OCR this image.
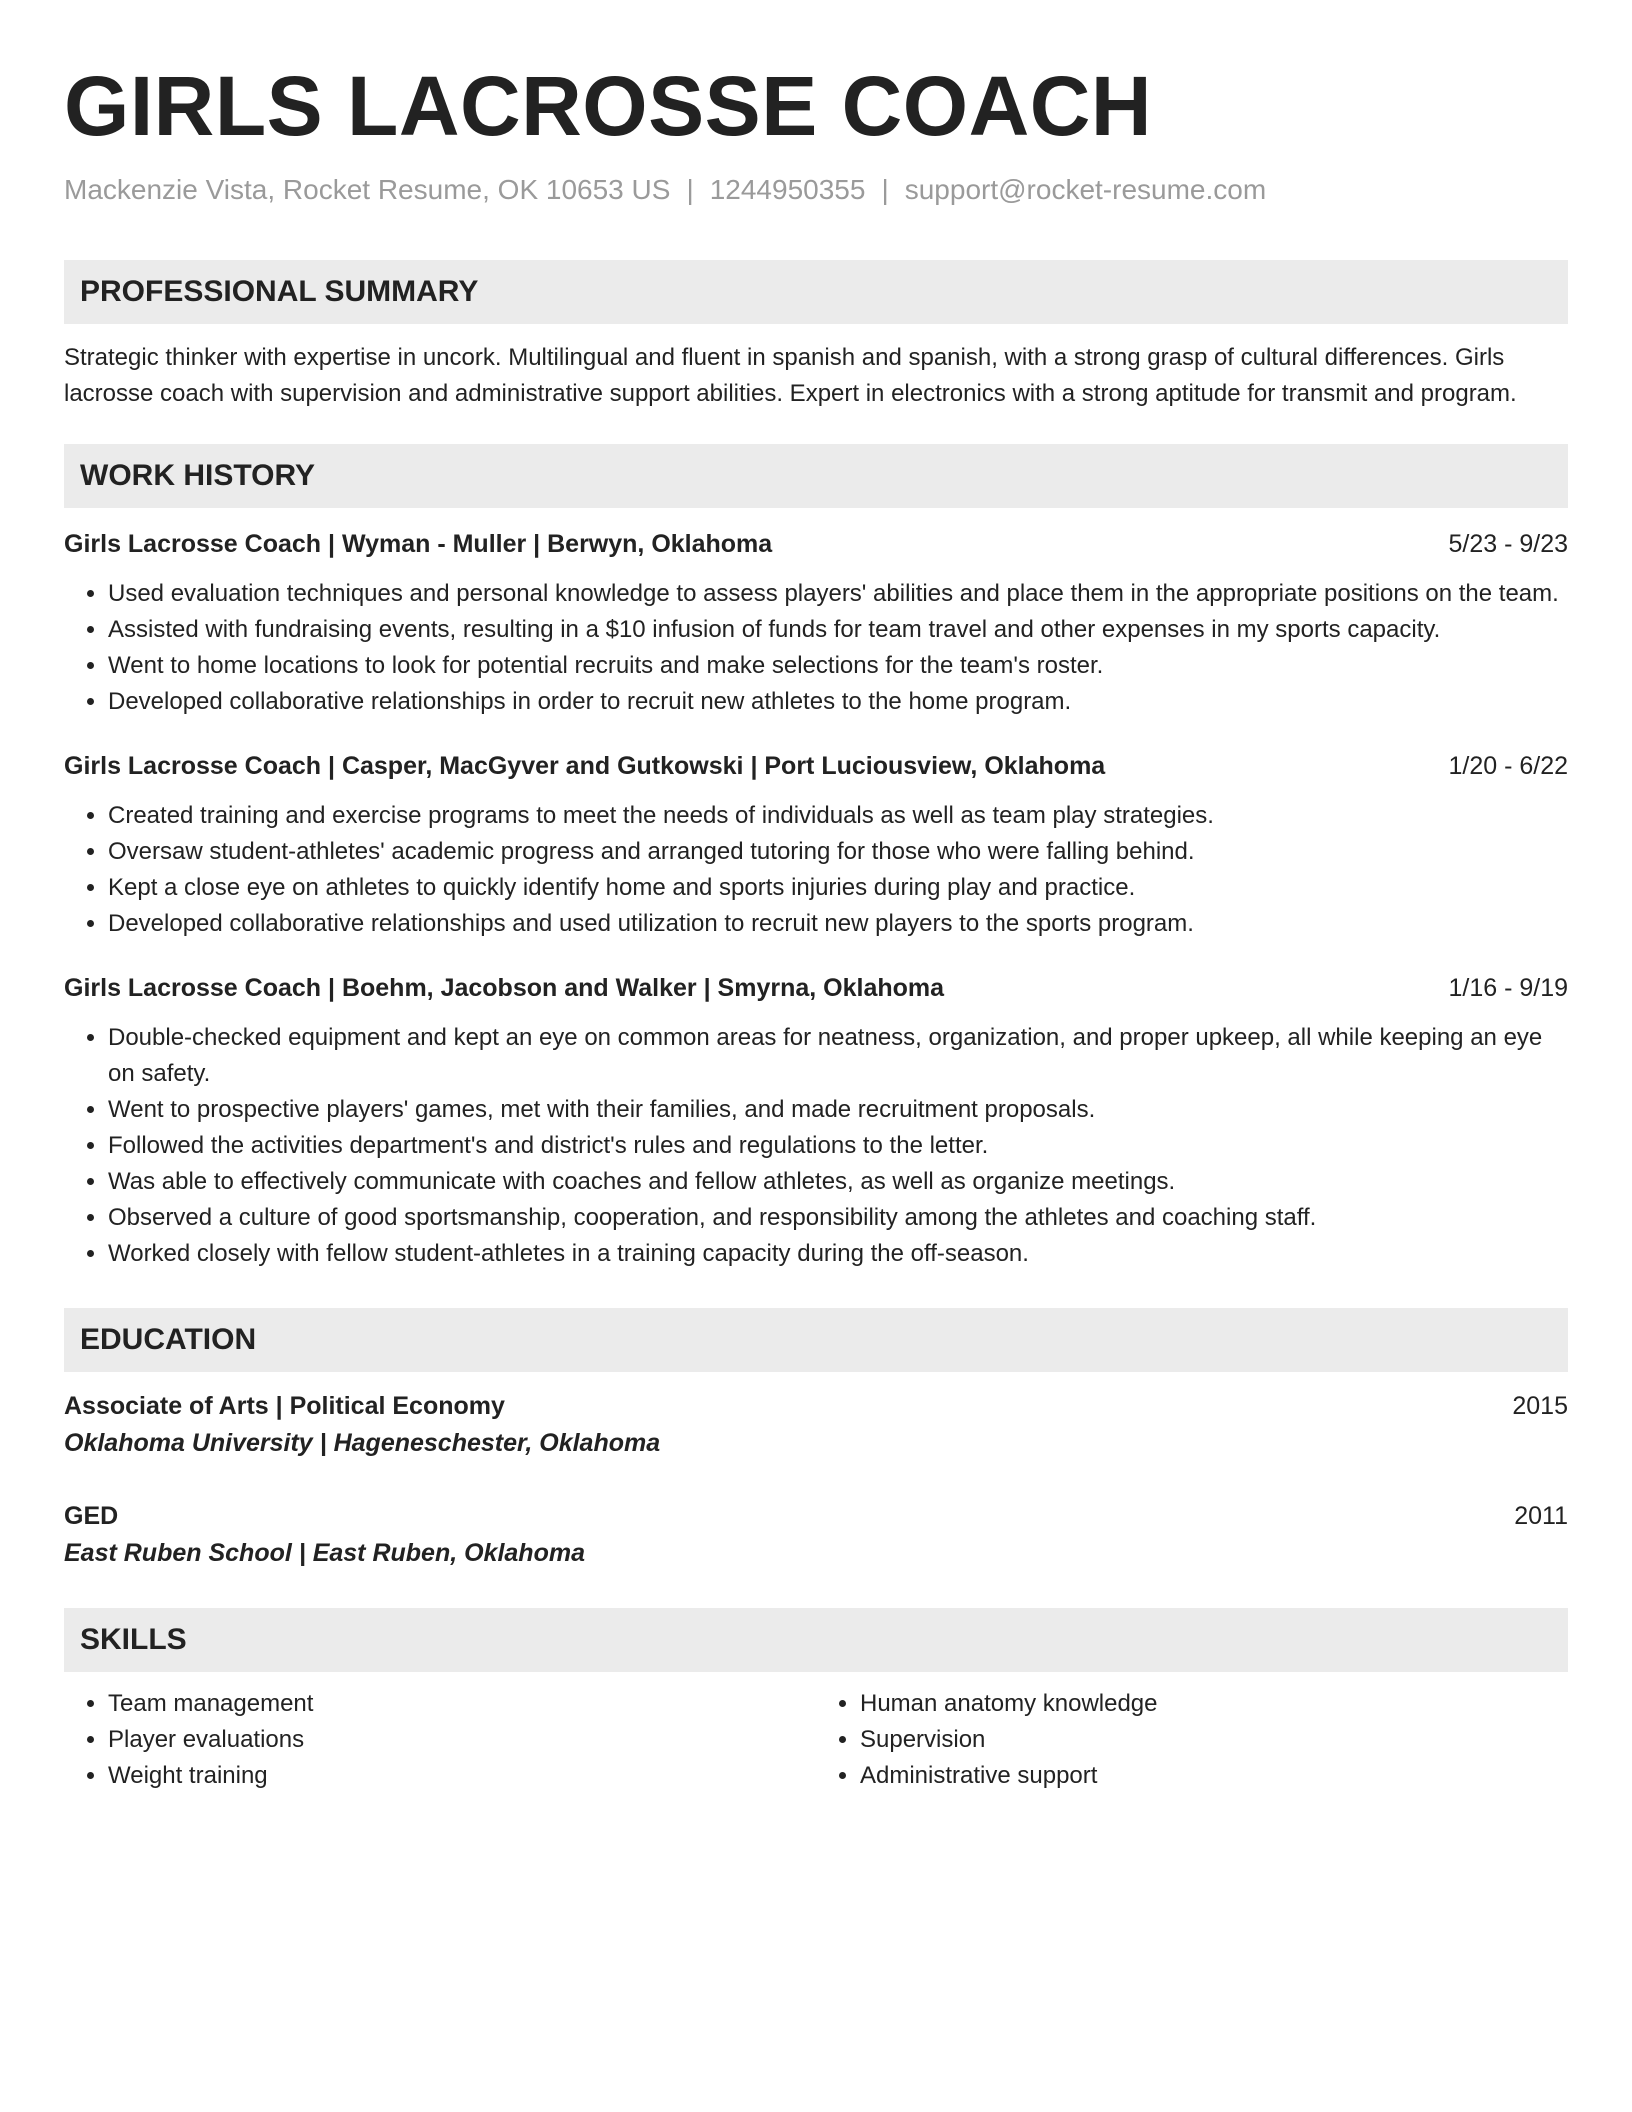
GIRLS LACROSSE COACH
Mackenzie Vista, Rocket Resume, OK 10653 US | 1244950355 | support@rocket-resume.com
PROFESSIONAL SUMMARY
Strategic thinker with expertise in uncork. Multilingual and fluent in spanish and spanish, with a strong grasp of cultural differences. Girls lacrosse coach with supervision and administrative support abilities. Expert in electronics with a strong aptitude for transmit and program.
WORK HISTORY
Girls Lacrosse Coach | Wyman - Muller | Berwyn, Oklahoma	5/23 - 9/23
• Used evaluation techniques and personal knowledge to assess players' abilities and place them in the appropriate positions on the team.
• Assisted with fundraising events, resulting in a $10 infusion of funds for team travel and other expenses in my sports capacity.
• Went to home locations to look for potential recruits and make selections for the team's roster.
• Developed collaborative relationships in order to recruit new athletes to the home program.
Girls Lacrosse Coach | Casper, MacGyver and Gutkowski | Port Luciousview, Oklahoma	1/20 - 6/22
• Created training and exercise programs to meet the needs of individuals as well as team play strategies.
• Oversaw student-athletes' academic progress and arranged tutoring for those who were falling behind.
• Kept a close eye on athletes to quickly identify home and sports injuries during play and practice.
• Developed collaborative relationships and used utilization to recruit new players to the sports program.
Girls Lacrosse Coach | Boehm, Jacobson and Walker | Smyrna, Oklahoma	1/16 - 9/19
• Double-checked equipment and kept an eye on common areas for neatness, organization, and proper upkeep, all while keeping an eye on safety.
• Went to prospective players' games, met with their families, and made recruitment proposals.
• Followed the activities department's and district's rules and regulations to the letter.
• Was able to effectively communicate with coaches and fellow athletes, as well as organize meetings.
• Observed a culture of good sportsmanship, cooperation, and responsibility among the athletes and coaching staff.
• Worked closely with fellow student-athletes in a training capacity during the off-season.
EDUCATION
Associate of Arts | Political Economy	2015
Oklahoma University | Hageneschester, Oklahoma
GED	2011
East Ruben School | East Ruben, Oklahoma
SKILLS
• Team management
• Player evaluations
• Weight training
• Human anatomy knowledge
• Supervision
• Administrative support
